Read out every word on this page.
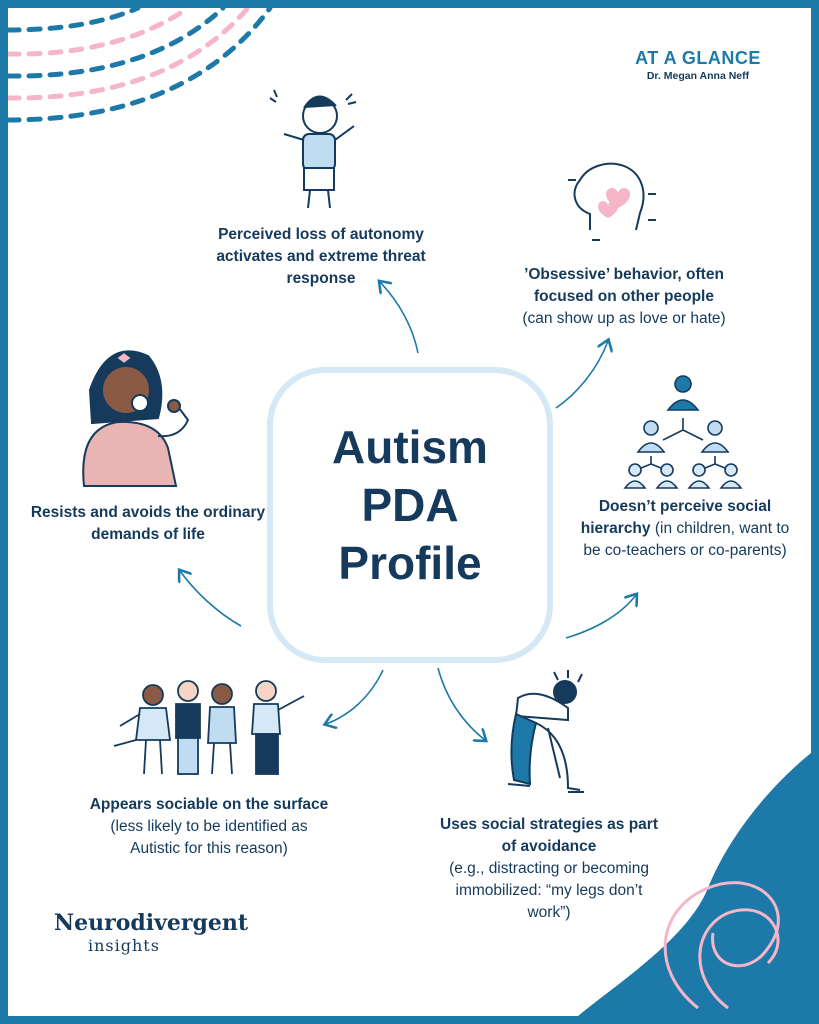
AT A GLANCE
Dr. Megan Anna Neff
Autism
PDA
Profile

Perceived loss of autonomy activates and extreme threat response	’Obsessive’ behavior, often focused on other people
(can show up as love or hate)

Doesn’t perceive social hierarchy (in children, want to be co-teachers or co-parents)

Uses social strategies as part of avoidance
(e.g., distracting or becoming immobilized: “my legs don’t work”)

Appears sociable on the surface
(less likely to be identified as Autistic for this reason)

Resists and avoids the ordinary demands of life

Neurodivergent
insights
